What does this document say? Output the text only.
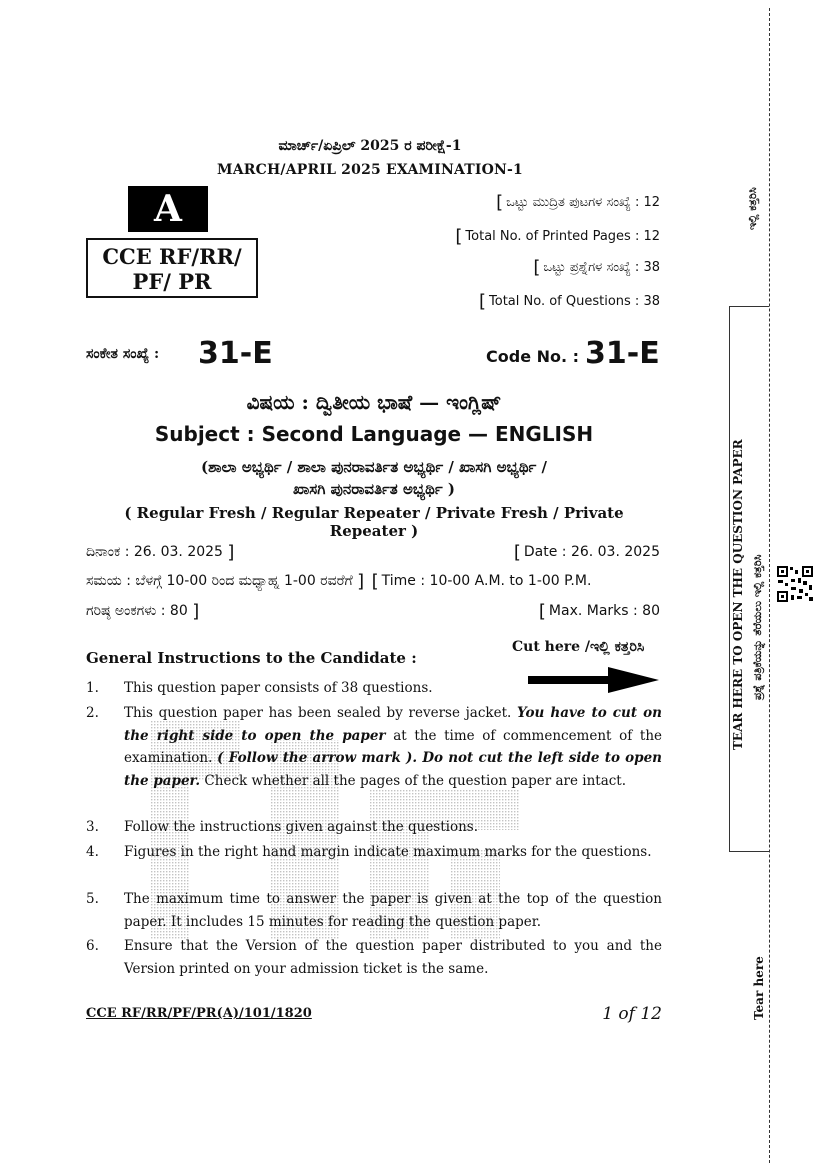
ಮಾರ್ಚ್/ಏಪ್ರಿಲ್ 2025 ರ ಪರೀಕ್ಷೆ-1
MARCH/APRIL 2025 EXAMINATION-1
A
CCE RF/RR/
PF/ PR
[ ಒಟ್ಟು ಮುದ್ರಿತ ಪುಟಗಳ ಸಂಖ್ಯೆ : 12
[ Total No. of Printed Pages : 12
[ ಒಟ್ಟು ಪ್ರಶ್ನೆಗಳ ಸಂಖ್ಯೆ : 38
[ Total No. of Questions : 38
ಸಂಕೇತ ಸಂಖ್ಯೆ : 31-E	Code No. : 31-E
ವಿಷಯ : ದ್ವಿತೀಯ ಭಾಷೆ — ಇಂಗ್ಲಿಷ್
Subject : Second Language — ENGLISH
(ಶಾಲಾ ಅಭ್ಯರ್ಥಿ / ಶಾಲಾ ಪುನರಾವರ್ತಿತ ಅಭ್ಯರ್ಥಿ / ಖಾಸಗಿ ಅಭ್ಯರ್ಥಿ /
ಖಾಸಗಿ ಪುನರಾವರ್ತಿತ ಅಭ್ಯರ್ಥಿ )
( Regular Fresh / Regular Repeater / Private Fresh / Private Repeater )
ದಿನಾಂಕ : 26. 03. 2025 ]	[ Date : 26. 03. 2025
ಸಮಯ : ಬೆಳಗ್ಗೆ 10-00 ರಿಂದ ಮಧ್ಯಾಹ್ನ 1-00 ರವರೆಗೆ ] [ Time : 10-00 A.M. to 1-00 P.M.
ಗರಿಷ್ಠ ಅಂಕಗಳು : 80 ]	[ Max. Marks : 80
General Instructions to the Candidate :
Cut here /ಇಲ್ಲಿ ಕತ್ತರಿಸಿ
1.	This question paper consists of 38 questions.
2.	This question paper has been sealed by reverse jacket. You have to cut on the right side to open the paper at the time of commencement of the examination. ( Follow the arrow mark ). Do not cut the left side to open the paper. Check whether all the pages of the question paper are intact.
3.	Follow the instructions given against the questions.
4.	Figures in the right hand margin indicate maximum marks for the questions.
5.	The maximum time to answer the paper is given at the top of the question paper. It includes 15 minutes for reading the question paper.
6.	Ensure that the Version of the question paper distributed to you and the Version printed on your admission ticket is the same.
CCE RF/RR/PF/PR(A)/101/1820	1 of 12
ಇಲ್ಲಿ ಕತ್ತರಿಸಿ
TEAR HERE TO OPEN THE QUESTION PAPER ಪ್ರಶ್ನೆ ಪತ್ರಿಕೆಯನ್ನು ತೆರೆಯಲು ಇಲ್ಲಿ ಕತ್ತರಿಸಿ
Tear here
